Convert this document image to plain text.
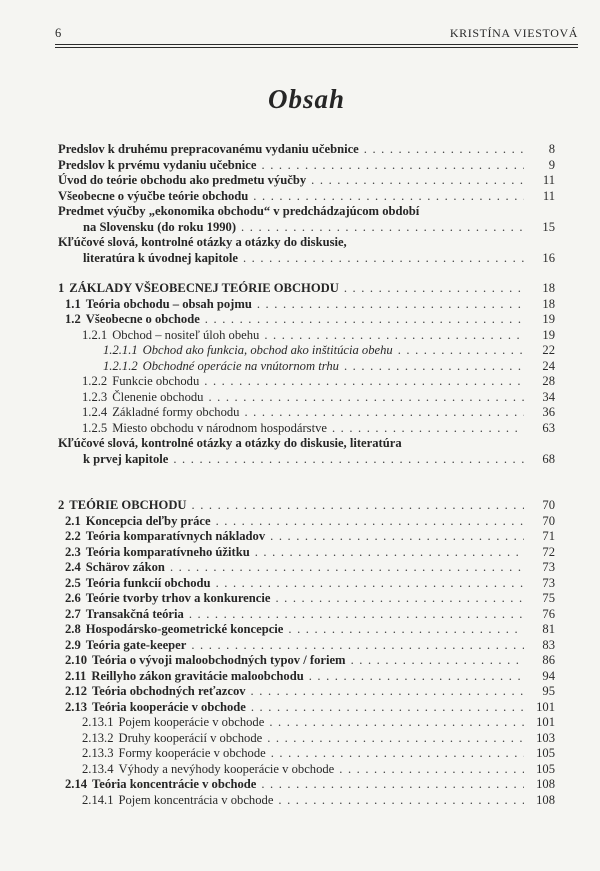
6	KRISTÍNA VIESTOVÁ
Obsah
Predslov k druhému prepracovanému vydaniu učebnice . . .	8
Predslov k prvému vydaniu učebnice . . .	9
Úvod do teórie obchodu ako predmetu výučby . . .	11
Všeobecne o výučbe teórie obchodu . . .	11
Predmet výučby „ekonomika obchodu“ v predchádzajúcom období
na Slovensku (do roku 1990) . . .	15
Kľúčové slová, kontrolné otázky a otázky do diskusie,
literatúra k úvodnej kapitole . . .	16
1 ZÁKLADY VŠEOBECNEJ TEÓRIE OBCHODU . . .	18
1.1 Teória obchodu – obsah pojmu . . .	18
1.2 Všeobecne o obchode . . .	19
1.2.1 Obchod – nositeľ úloh obehu . . .	19
1.2.1.1 Obchod ako funkcia, obchod ako inštitúcia obehu . . .	22
1.2.1.2 Obchodné operácie na vnútornom trhu . . .	24
1.2.2 Funkcie obchodu . . .	28
1.2.3 Členenie obchodu . . .	34
1.2.4 Základné formy obchodu . . .	36
1.2.5 Miesto obchodu v národnom hospodárstve . . .	63
Kľúčové slová, kontrolné otázky a otázky do diskusie, literatúra
k prvej kapitole . . .	68
2 TEÓRIE OBCHODU . . .	70
2.1 Koncepcia deľby práce . . .	70
2.2 Teória komparatívnych nákladov . . .	71
2.3 Teória komparatívneho úžitku . . .	72
2.4 Schärov zákon . . .	73
2.5 Teória funkcií obchodu . . .	73
2.6 Teórie tvorby trhov a konkurencie . . .	75
2.7 Transakčná teória . . .	76
2.8 Hospodársko-geometrické koncepcie . . .	81
2.9 Teória gate-keeper . . .	83
2.10 Teória o vývoji maloobchodných typov / foriem . . .	86
2.11 Reillyho zákon gravitácie maloobchodu . . .	94
2.12 Teória obchodných reťazcov . . .	95
2.13 Teória kooperácie v obchode . . .	101
2.13.1 Pojem kooperácie v obchode . . .	101
2.13.2 Druhy kooperácií v obchode . . .	103
2.13.3 Formy kooperácie v obchode . . .	105
2.13.4 Výhody a nevýhody kooperácie v obchode . . .	105
2.14 Teória koncentrácie v obchode . . .	108
2.14.1 Pojem koncentrácia v obchode . . .	108
